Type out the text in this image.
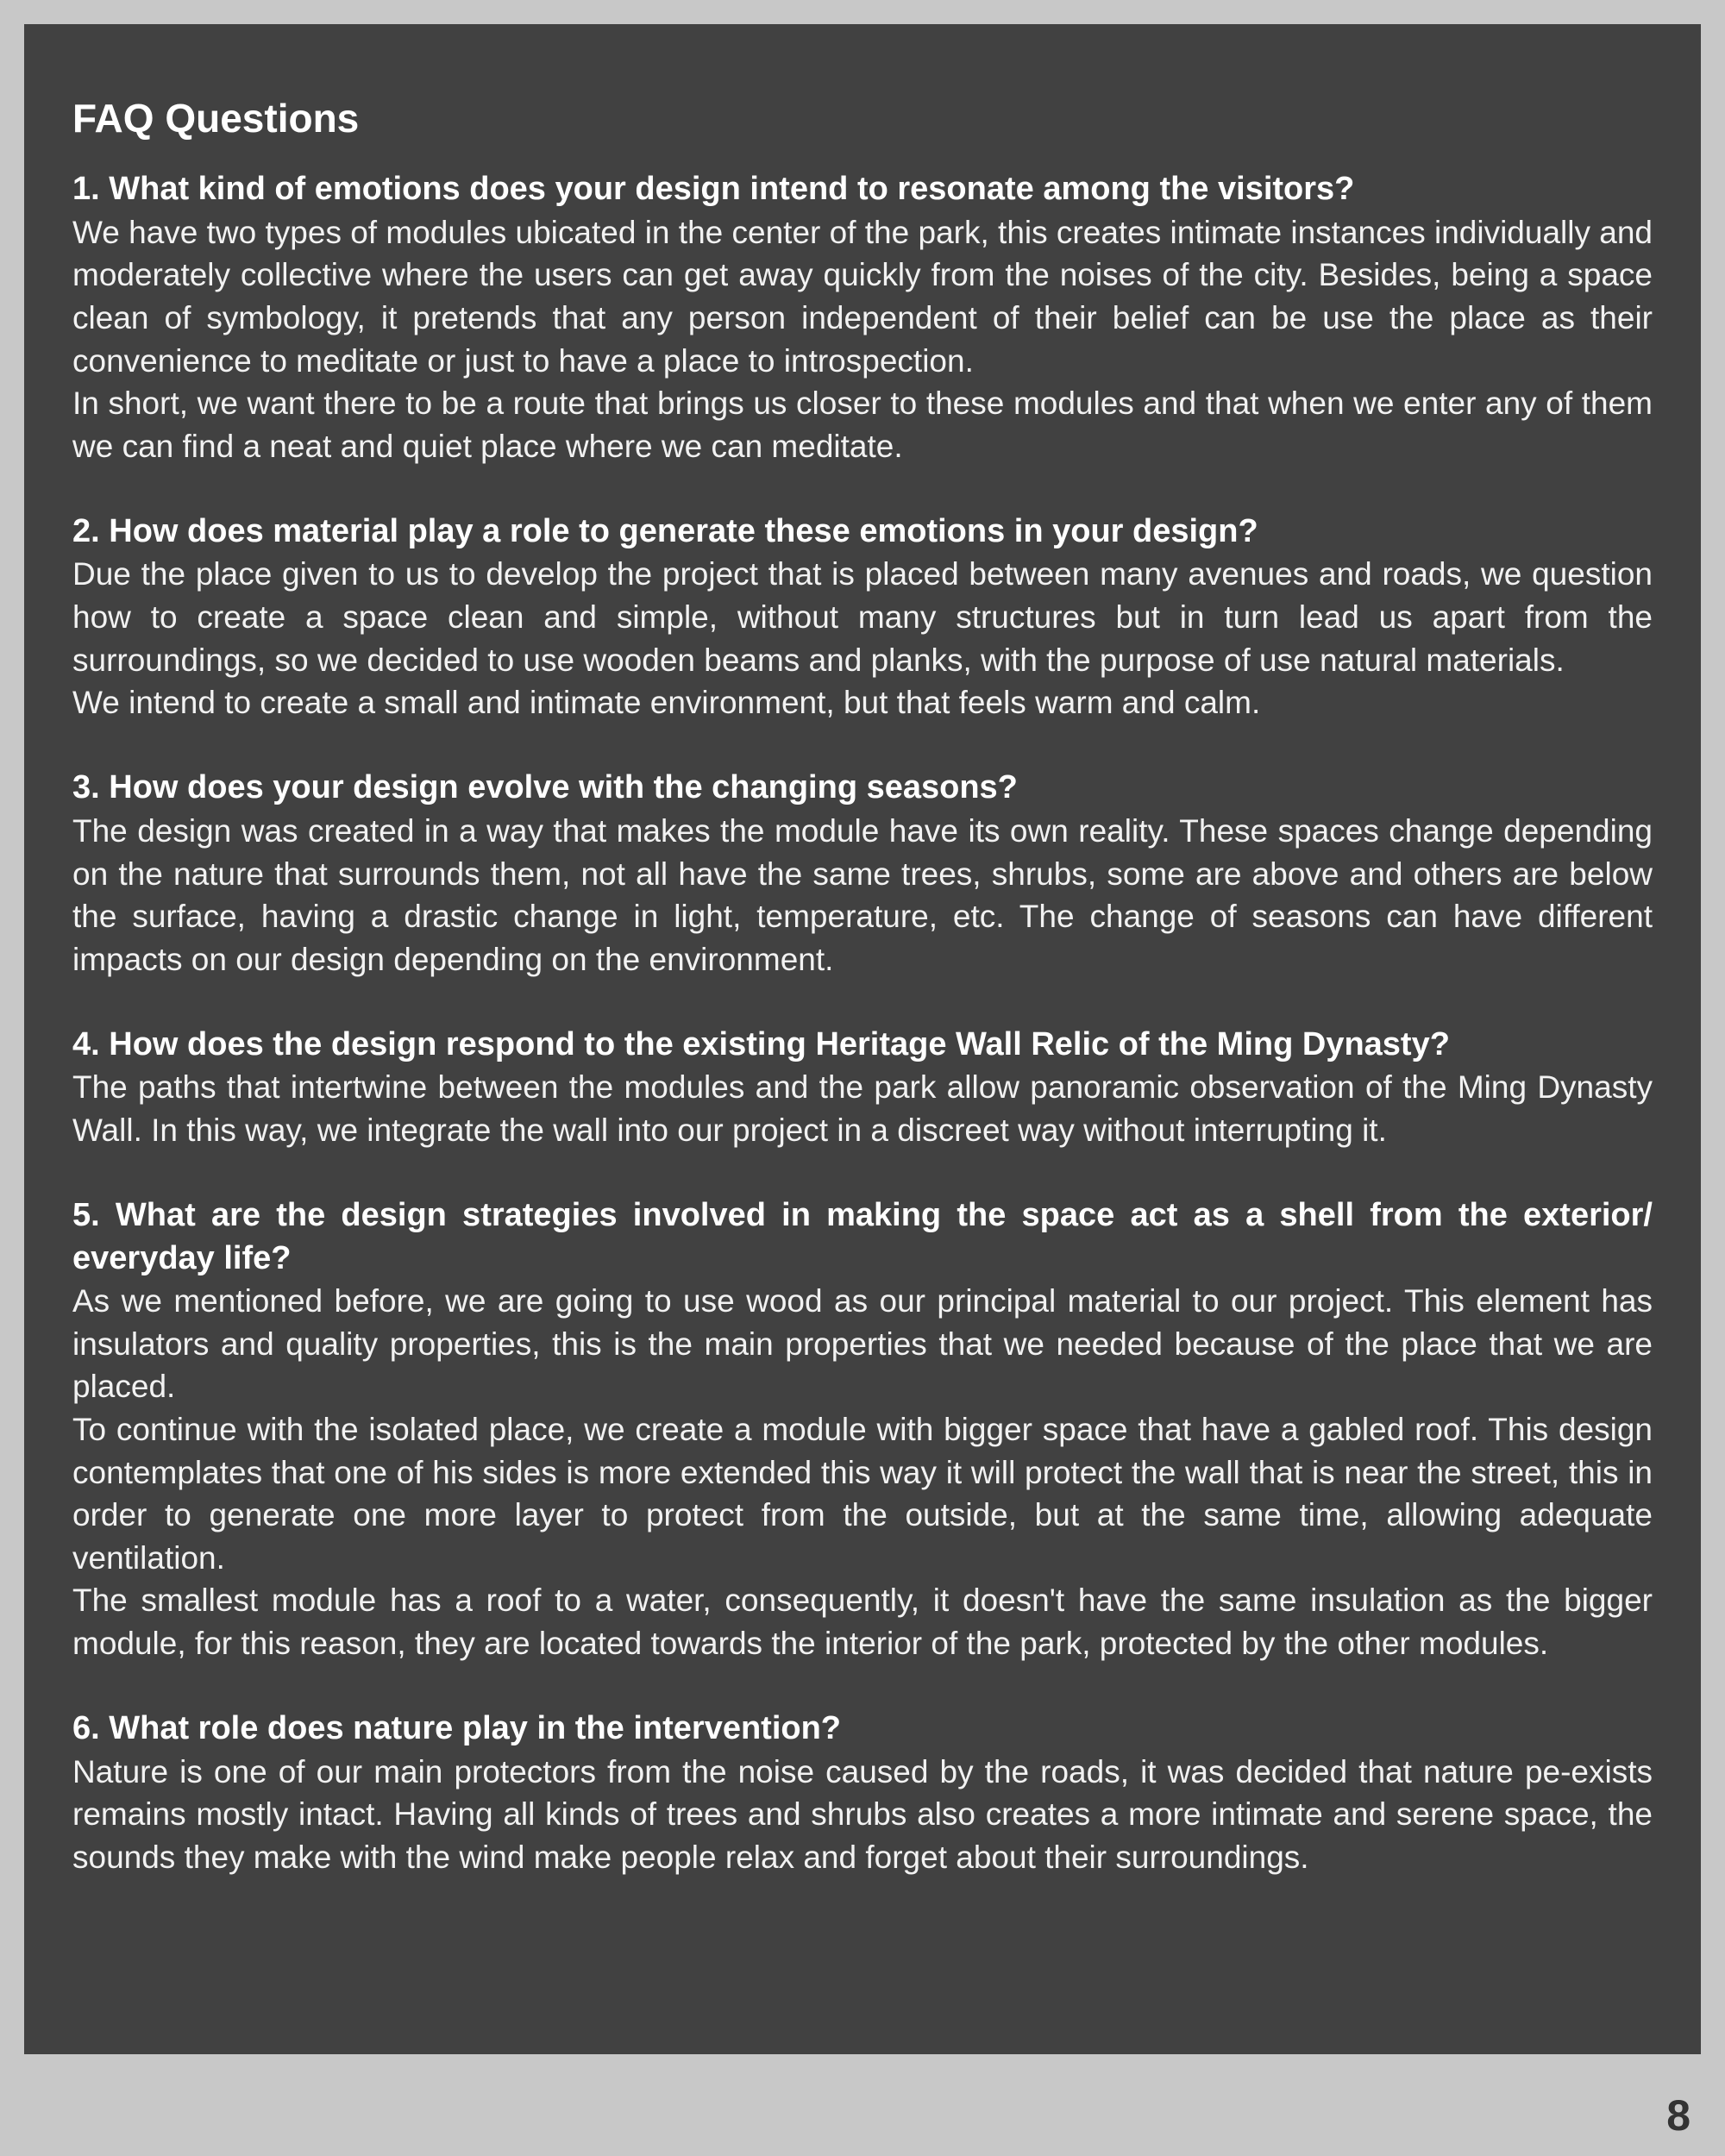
FAQ Questions

1. What kind of emotions does your design intend to resonate among the visitors?

We have two types of modules ubicated in the center of the park, this creates intimate instances individually and moderately collective where the users can get away quickly from the noises of the city. Besides, being a space clean of symbology, it pretends that any person independent of their belief can be use the place as their convenience to meditate or just to have a place to introspection.

In short, we want there to be a route that brings us closer to these modules and that when we enter any of them we can find a neat and quiet place where we can meditate.

2. How does material play a role to generate these emotions in your design?

Due the place given to us to develop the project that is placed between many avenues and roads, we question how to create a space clean and simple, without many structures but in turn lead us apart from the surroundings, so we decided to use wooden beams and planks, with the purpose of use natural materials.

We intend to create a small and intimate environment, but that feels warm and calm.

3. How does your design evolve with the changing seasons?

The design was created in a way that makes the module have its own reality. These spaces change depending on the nature that surrounds them, not all have the same trees, shrubs, some are above and others are below the surface, having a drastic change in light, temperature, etc. The change of seasons can have different impacts on our design depending on the environment.

4. How does the design respond to the existing Heritage Wall Relic of the Ming Dynasty?

The paths that intertwine between the modules and the park allow panoramic observation of the Ming Dynasty Wall. In this way, we integrate the wall into our project in a discreet way without interrupting it.

5. What are the design strategies involved in making the space act as a shell from the exterior/ everyday life?

As we mentioned before, we are going to use wood as our principal material to our project. This element has insulators and quality properties, this is the main properties that we needed because of the place that we are placed.

To continue with the isolated place, we create a module with bigger space that have a gabled roof. This design contemplates that one of his sides is more extended this way it will protect the wall that is near the street, this in order to generate one more layer to protect from the outside, but at the same time, allowing adequate ventilation.

The smallest module has a roof to a water, consequently, it doesn't have the same insulation as the bigger module, for this reason, they are located towards the interior of the park, protected by the other modules.

6. What role does nature play in the intervention?

Nature is one of our main protectors from the noise caused by the roads, it was decided that nature pe-exists remains mostly intact. Having all kinds of trees and shrubs also creates a more intimate and serene space, the sounds they make with the wind make people relax and forget about their surroundings.

8
